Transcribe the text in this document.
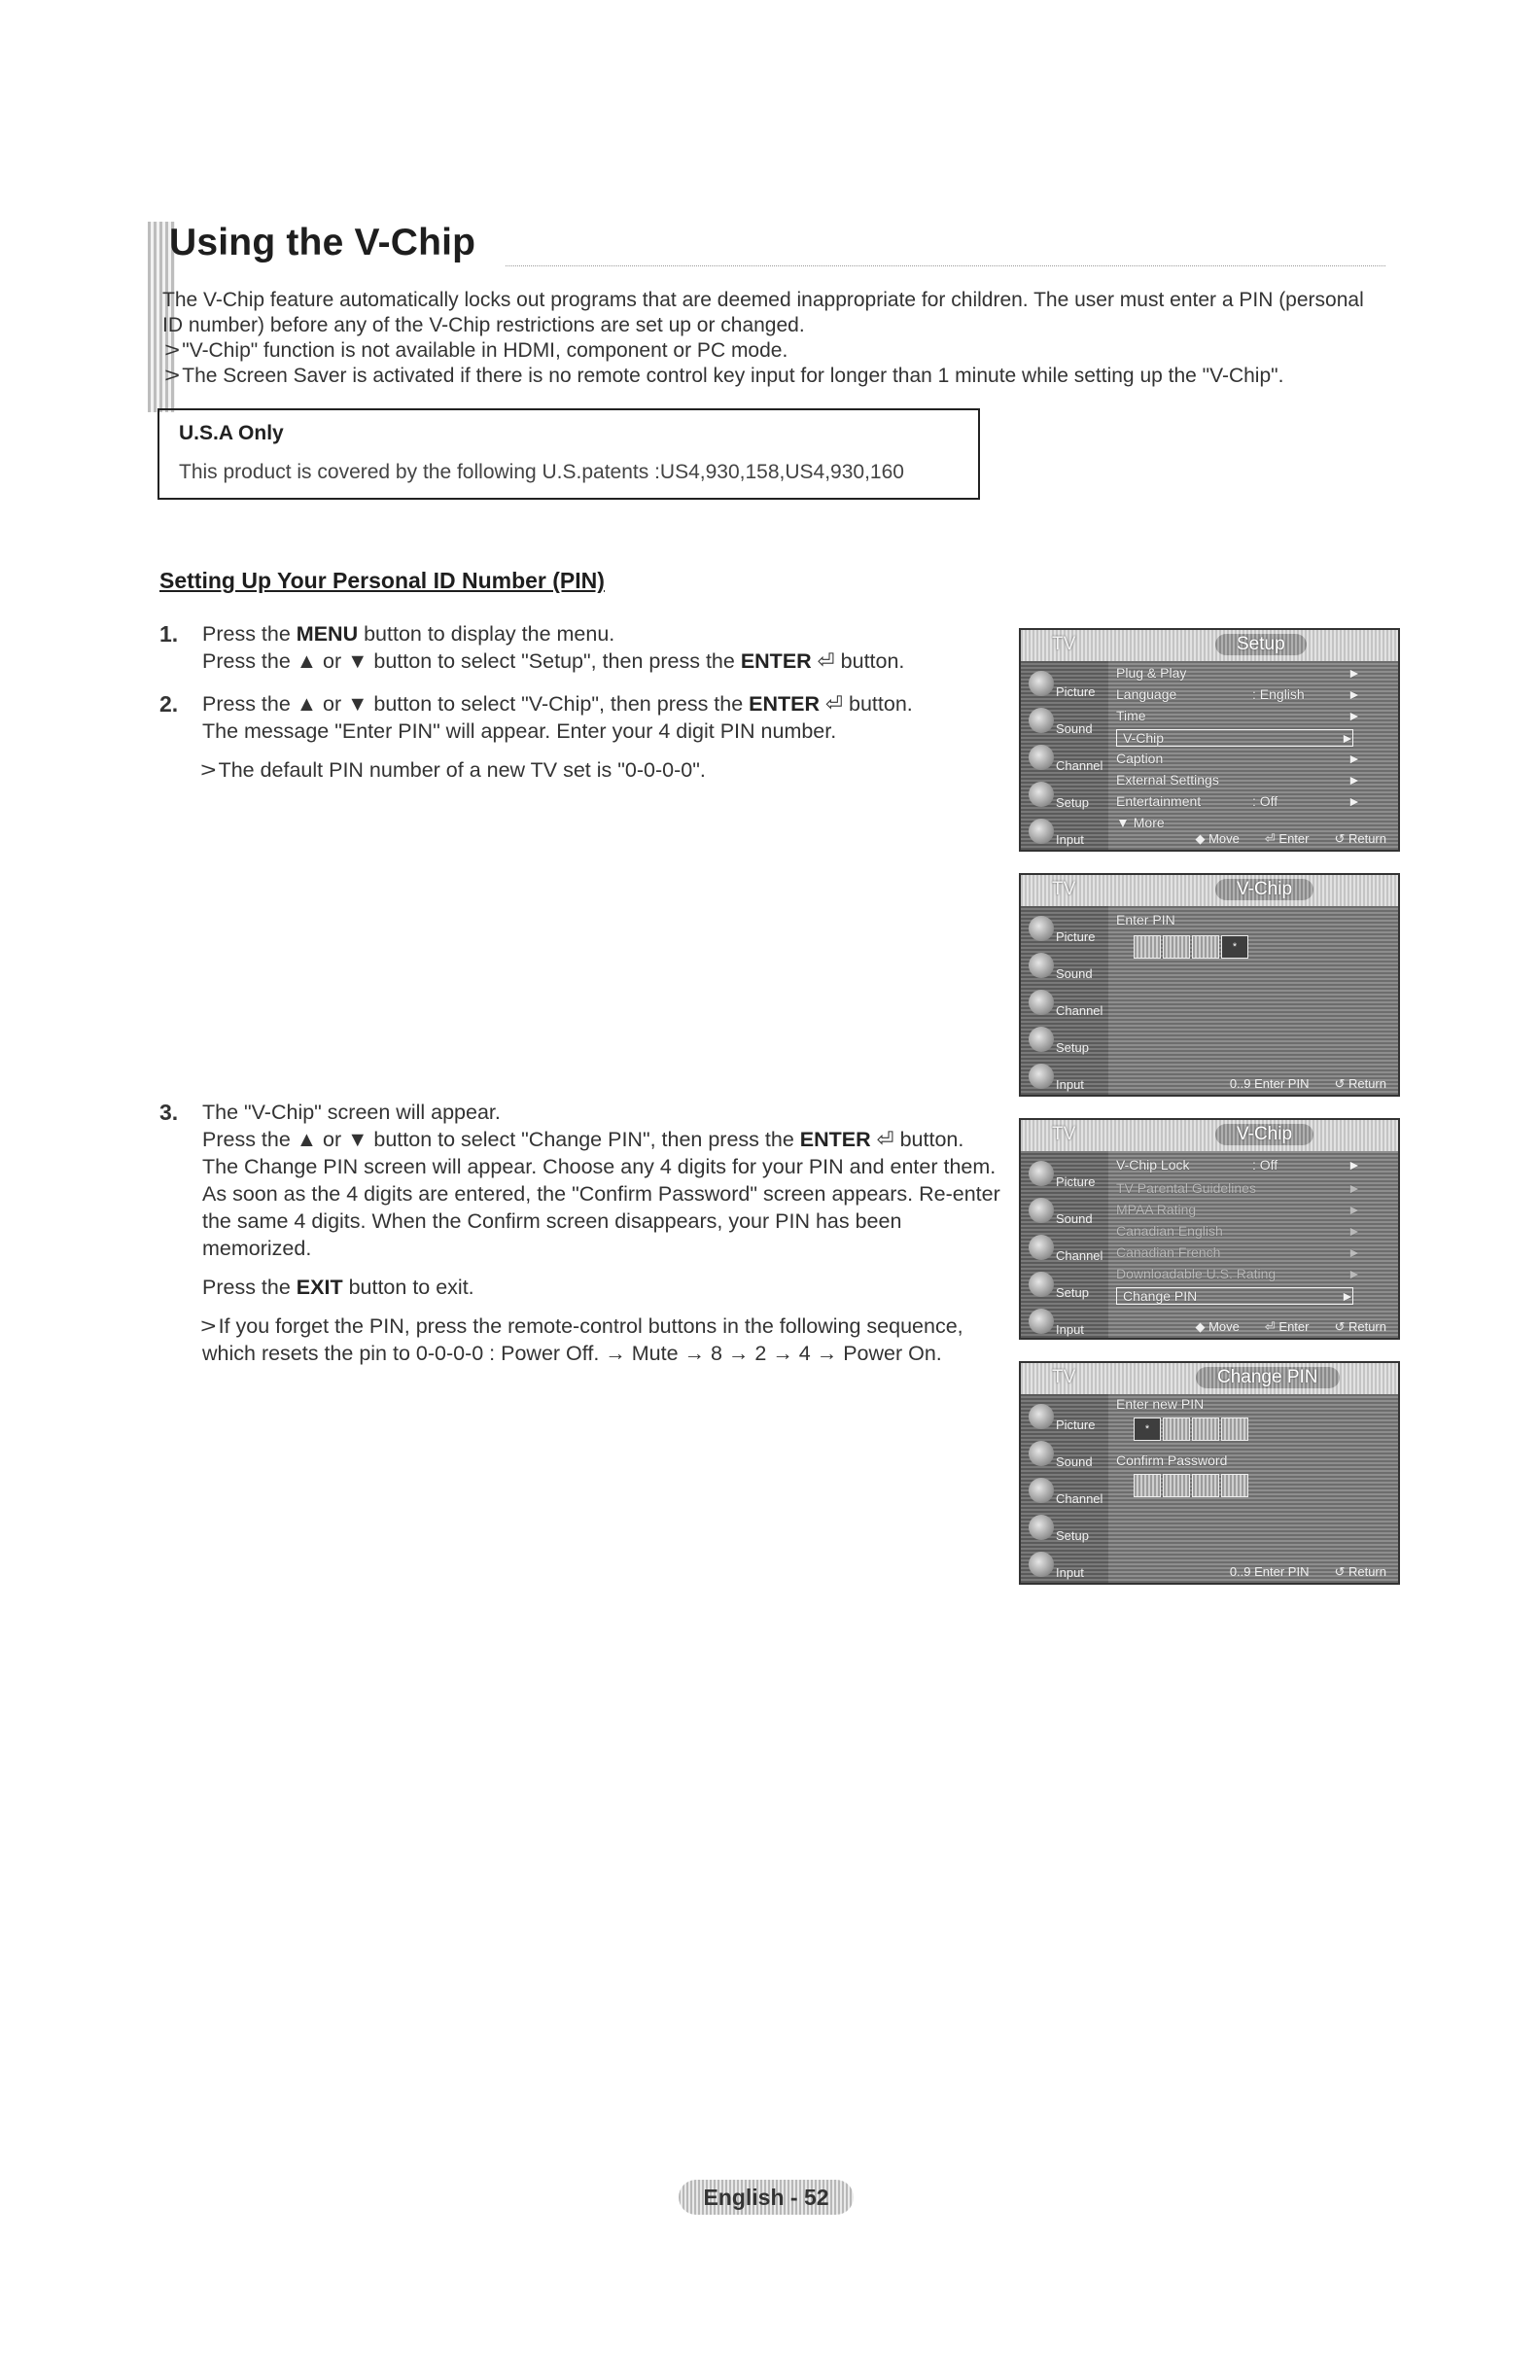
Using the V-Chip

The V-Chip feature automatically locks out programs that are deemed inappropriate for children. The user must enter a PIN (personal ID number) before any of the V-Chip restrictions are set up or changed.

> "V-Chip" function is not available in HDMI, component or PC mode.

> The Screen Saver is activated if there is no remote control key input for longer than 1 minute while setting up the "V-Chip".

U.S.A Only
This product is covered by the following U.S.patents :US4,930,158,US4,930,160
Setting Up Your Personal ID Number (PIN)
1. Press the MENU button to display the menu.

Press the ▲ or ▼ button to select "Setup", then press the ENTER ⏎ button.

2. Press the ▲ or ▼ button to select "V-Chip", then press the ENTER ⏎ button.

The message "Enter PIN" will appear. Enter your 4 digit PIN number.

>The default PIN number of a new TV set is "0-0-0-0".

3. The "V-Chip" screen will appear.

Press the ▲ or ▼ button to select "Change PIN", then press the ENTER ⏎ button.

The Change PIN screen will appear. Choose any 4 digits for your PIN and enter them. As soon as the 4 digits are entered, the "Confirm Password" screen appears. Re-enter the same 4 digits. When the Confirm screen disappears, your PIN has been memorized.

Press the EXIT button to exit.

>If you forget the PIN, press the remote-control buttons in the following sequence, which resets the pin to 0-0-0-0 : Power Off. → Mute → 8 → 2 → 4 → Power On.

TV	Setup
Picture
Sound
Channel
Setup
Input
Plug & Play	►
Language	: English	►
Time	►
V-Chip	►
Caption	►
External Settings	►
Entertainment	: Off	►
▼ More
◆ Move ⏎ Enter ↺ Return
TV	V-Chip
Picture
Sound
Channel
Setup
Input
Enter PIN
*
0..9 Enter PIN ↺ Return
TV	V-Chip
Picture
Sound
Channel
Setup
Input
V-Chip Lock	: Off	►
TV Parental Guidelines	►
MPAA Rating	►
Canadian English	►
Canadian French	►
Downloadable U.S. Rating	►
Change PIN	►
◆ Move ⏎ Enter ↺ Return
TV	Change PIN
Picture
Sound
Channel
Setup
Input
Enter new PIN
*
Confirm Password
0..9 Enter PIN ↺ Return
English - 52
